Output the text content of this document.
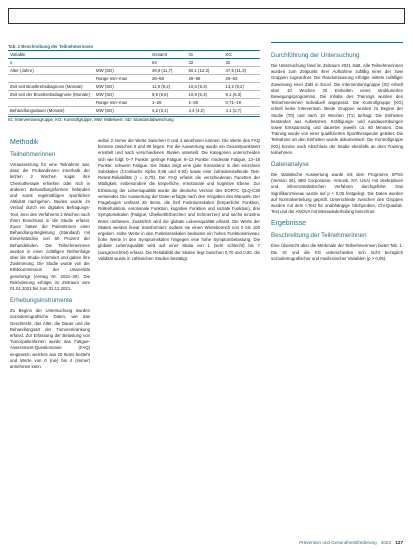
Tab. 1 Beschreibung der Teilnehmerinnen
Variable		Gesamt	IG	KG
n		64	32	32
Alter (Jahre)	MW (SD)	49,9 (11,7)	50,1 (12,3)	47,5 (11,3)
	Range min–max	26–68	26–68	26–63
Zeit seit Brustkrebsdiagnose (Monate)	MW (SD)	11,9 (9,2)	10,6 (9,3)	13,2 (9,2)
Zeit seit der Brustkrebsdiagnose (Monate)	MW (SD)	9,5 (6,6)	10,8 (6,3)	9,1 (6,3)
	Range min–max	1–26	1–26	0,71–19
Behandlungsdauer (Monate)	MW (SD)	4,2 (3,1)	4,4 (4,2)	4,1 (2,7)
IG: Interventionsgruppe; KG: Kontrollgruppe; MW: Mittelwert; SD: Standardabweichung
Methodik
Teilnehmerinnen

Voraussetzung für eine Teilnahme war, dass die Probandinnen innerhalb der letzten 2 Wochen sogar ihre Chemotherapie erhielten oder sich in anderen Behandlungsformen befanden und somit regelmäßigen sportlichen Aktivität nachgehen. Beides wurde im Verlauf durch ein digitales Befragungs-Tool, Sinn des Verfahrens 2 Wochen nach Ihren Einschluss in die Studie erfasst. Zuvor hatten die Patientinnen einer Behandlung-Begleitung (Standard) mit Einverständnis von 60 Prozent der Behandelnden. Die Teilnehmerinnen wurden in einer zufälligen Reihenfolge über die Studie informiert und gaben ihre Zustimmung. Die Studie wurde von der Ethikkommission der Universität genehmigt (Antrag Nr. 2021–30). Die Rekrutierung erfolgte im Zeitraum vom 01.01.2021 bis zum 31.12.2021.

Erhebungsinstrumente

Zu Beginn der Untersuchung wurden soziodemografische Daten, wie das Geschlecht, das Alter, die Dauer und die Behandlungsart der Tumorerkrankung erfasst. Zur Erfassung der Belastung von Tumorpatientinnen wurde das Fatigue-Assessment-Questionnaire (FAQ) eingesetzt, welches aus 20 Items besteht und Werte von 0 (nie) bis 4 (immer) annehmen kann.

wobei 2 immer die Werte zwischen 0 und 4 annehmen können. Die Werte des FAQ konnten zwischen 0 und 80 liegen. Für die Auswertung wurde ein Gesamtpunktwert ermittelt und nach verschiedenen Skalen unterteilt. Die Kategorien unterscheiden sich wie folgt: 0–7 Punkte: geringe Fatigue; 8–12 Punkte: moderate Fatigue; 13–18 Punkte: schwere Fatigue. Die Skala zeigt eine gute Konsistenz in den einzelnen Subskalen (Cronbachs Alpha 0,89 und 0,92) sowie eine zufriedenstellende Test-Retest-Reliabilität (r = 0,79). Der FAQ erfasst die verschiedenen Facetten der Müdigkeit, insbesondere die körperliche, emotionale und kognitive Ebene. Zur Erfassung der Lebensqualität wurde die deutsche Version des EORTC QLQ-C30 verwendet. Die Auswertung der Daten erfolgte nach den Vorgaben des Manuals. Der Fragebogen umfasst 30 Items, die fünf Funktionsskalen (körperliche Funktion, Rollenfunktion, emotionale Funktion, kognitive Funktion und soziale Funktion), drei Symptomskalen (Fatigue, Übelkeit/Erbrechen und Schmerzen) und sechs einzelne Items umfassen. Zusätzlich wird die globale Lebensqualität erfasst. Die Werte der Skalen werden linear transformiert, sodass sie einen Wertebereich von 0 bis 100 ergeben. Hohe Werte in den Funktionsskalen bedeuten ein hohes Funktionsniveau; hohe Werte in den Symptomskalen hingegen eine hohe Symptombelastung. Die globale Lebensqualität wird auf einer Skala von 1 (sehr schlecht) bis 7 (ausgezeichnet) erfasst. Die Reliabilität der Skalen liegt zwischen 0,70 und 0,90, die Validität wurde in zahlreichen Studien bestätigt.

Durchführung der Untersuchung

Die Untersuchung fand im Zeitraum 2021 statt. Alle Teilnehmerinnen wurden zum Zeitpunkt ihrer Aufnahme zufällig einer der zwei Gruppen zugeordnet. Die Randomisierung erfolgte mittels zufälliger Zuweisung einer Zahl in Excel. Die Interventionsgruppe (IG) erhielt über 10 Wochen 20 Einheiten eines strukturierten Bewegungsprogramms. Die Inhalte des Trainings wurden den Teilnehmerinnen individuell angepasst. Die Kontrollgruppe (KG) erhielt keine Intervention. Beide Gruppen wurden zu Beginn der Studie (T0) und nach 10 Wochen (T1) befragt. Die Einheiten bestanden aus Aufwärmen, Kräftigungs- und Ausdauerübungen sowie Entspannung und dauerten jeweils ca. 60 Minuten. Das Training wurde von einer qualifizierten Sporttherapeutin geleitet. Die Teilnahme an den Einheiten wurde dokumentiert. Die Kontrollgruppe (KG) konnte nach Abschluss der Studie ebenfalls an dem Training teilnehmen.

Datenanalyse

Die statistische Auswertung wurde mit dem Programm SPSS (Version 26), IBM Corporation, Armonk, NY, USA) mit deskriptiven und inferenzstatistischen Verfahren durchgeführt. Das Signifikanzniveau wurde auf p < 0,05 festgelegt. Die Daten wurden auf Normalverteilung geprüft. Unterschiede zwischen den Gruppen wurden mit dem t-Test für unabhängige Stichproben, Chi-Quadrat-Test und der ANOVA mit Messwiederholung berechnet.

Ergebnisse
Beschreibung der Teilnehmerinnen

Eine Übersicht über die Merkmale der Teilnehmerinnen bietet Tab. 1. Die IG und die KG unterschieden sich nicht bezüglich soziodemografischer und medizinischer Variablen (p > 0,05).

Prävention und Gesundheitsförderung · 2023 127
